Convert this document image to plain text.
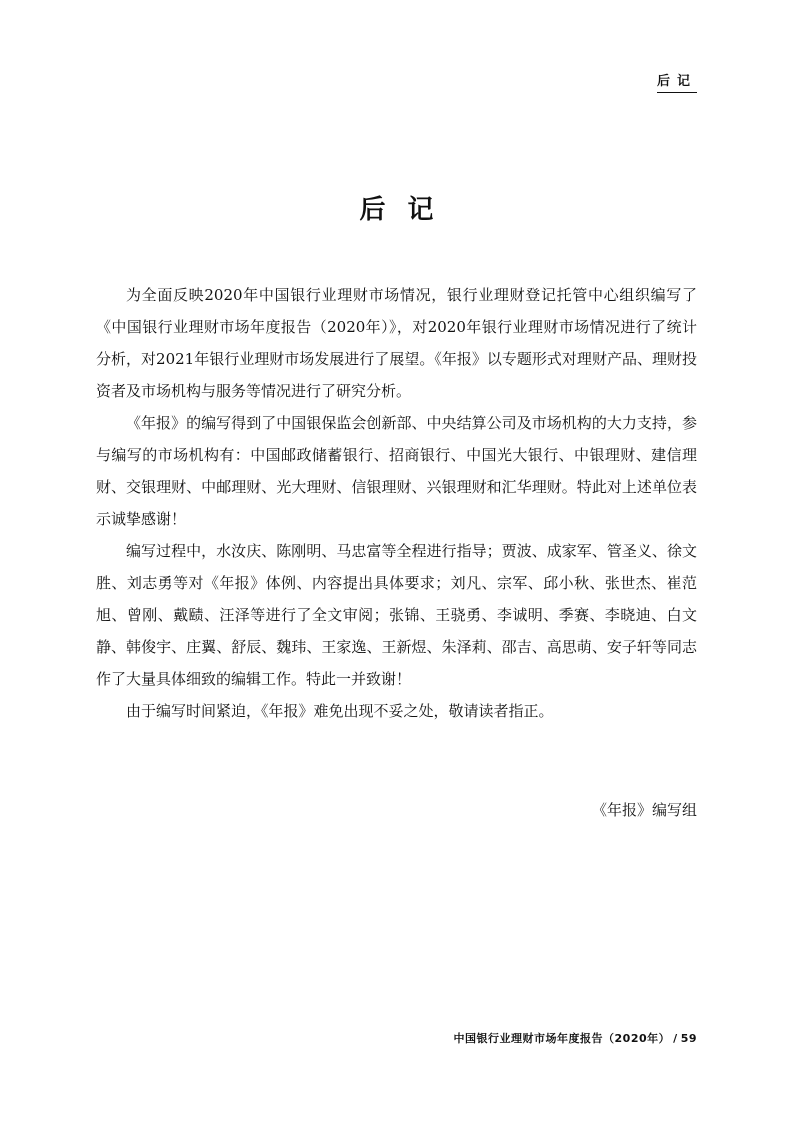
后记
后记

为全面反映2020年中国银行业理财市场情况，银行业理财登记托管中心组织编写了《中国银行业理财市场年度报告（2020年）》，对2020年银行业理财市场情况进行了统计分析，对2021年银行业理财市场发展进行了展望。《年报》以专题形式对理财产品、理财投资者及市场机构与服务等情况进行了研究分析。

《年报》的编写得到了中国银保监会创新部、中央结算公司及市场机构的大力支持，参与编写的市场机构有：中国邮政储蓄银行、招商银行、中国光大银行、中银理财、建信理财、交银理财、中邮理财、光大理财、信银理财、兴银理财和汇华理财。特此对上述单位表示诚挚感谢！

编写过程中，水汝庆、陈刚明、马忠富等全程进行指导；贾波、成家军、管圣义、徐文胜、刘志勇等对《年报》体例、内容提出具体要求；刘凡、宗军、邱小秋、张世杰、崔范旭、曾刚、戴赜、汪泽等进行了全文审阅；张锦、王骁勇、李诚明、季赛、李晓迪、白文静、韩俊宇、庄翼、舒辰、魏玮、王家逸、王新煜、朱泽莉、邵吉、高思萌、安子轩等同志作了大量具体细致的编辑工作。特此一并致谢！

由于编写时间紧迫，《年报》难免出现不妥之处，敬请读者指正。

《年报》编写组
中国银行业理财市场年度报告（2020年） / 59
